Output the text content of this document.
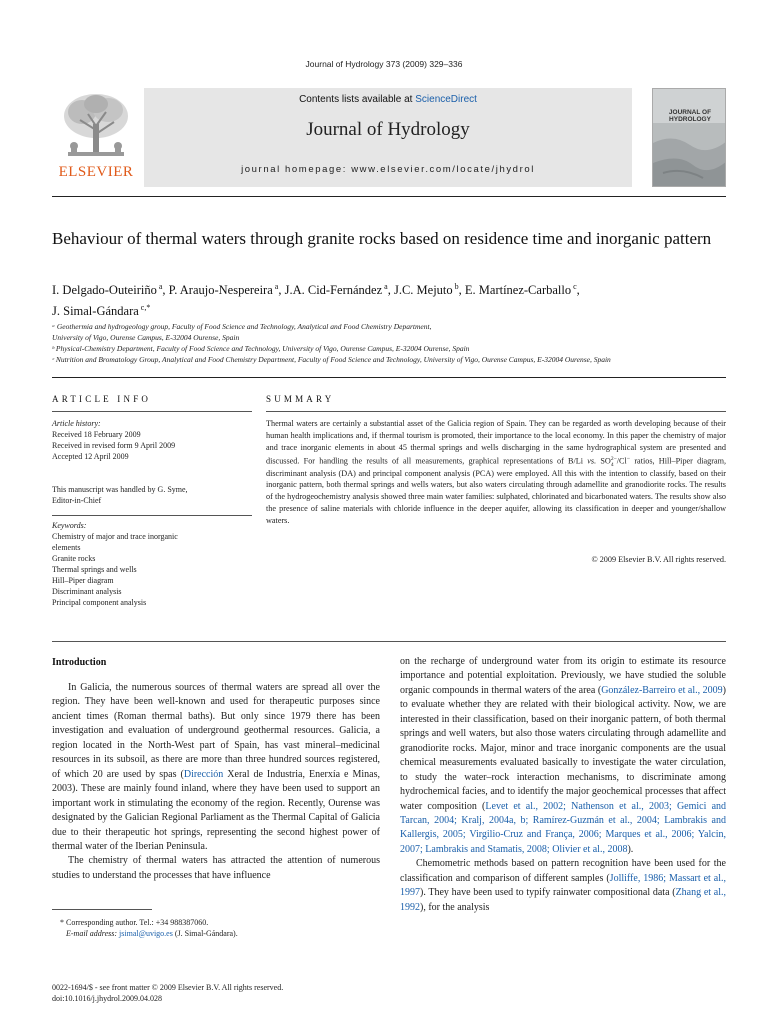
Journal of Hydrology 373 (2009) 329–336
ELSEVIER
Contents lists available at ScienceDirect
Journal of Hydrology
journal homepage: www.elsevier.com/locate/jhydrol
JOURNAL OF
HYDROLOGY
Behaviour of thermal waters through granite rocks based on residence time and inorganic pattern
I. Delgado-Outeiriño $^a$, P. Araujo-Nespereira $^a$, J.A. Cid-Fernández $^a$, J.C. Mejuto $^b$, E. Martínez-Carballo $^c$,
J. Simal-Gándara $^{c,*}$
ᵃ Geothermia and hydrogeology group, Faculty of Food Science and Technology, Analytical and Food Chemistry Department,
University of Vigo, Ourense Campus, E-32004 Ourense, Spain
ᵇ Physical-Chemistry Department, Faculty of Food Science and Technology, University of Vigo, Ourense Campus, E-32004 Ourense, Spain
ᶜ Nutrition and Bromatology Group, Analytical and Food Chemistry Department, Faculty of Food Science and Technology, University of Vigo, Ourense Campus, E-32004 Ourense, Spain
ARTICLE INFO	SUMMARY
Article history:
Received 18 February 2009
Received in revised form 9 April 2009
Accepted 12 April 2009
This manuscript was handled by G. Syme,
Editor-in-Chief
Keywords:
Chemistry of major and trace inorganic
elements
Granite rocks
Thermal springs and wells
Hill–Piper diagram
Discriminant analysis
Principal component analysis
Thermal waters are certainly a substantial asset of the Galicia region of Spain. They can be regarded as worth developing because of their human health implications and, if thermal tourism is promoted, their importance to the local economy. In this paper the chemistry of major and trace inorganic elements in about 45 thermal springs and wells discharging in the same hydrographical system are presented and discussed. For handling the results of all measurements, graphical representations of B/Li vs. SO2−
4 /Cl− ratios, Hill–Piper diagram, discriminant analysis (DA) and principal component analysis (PCA) were employed. All this with the intention to classify, based on their inorganic pattern, both thermal springs and wells waters, but also waters circulating through adamellite and granodiorite rocks. The results of the hydrogeochemistry analysis showed three main water families: sulphated, chlorinated and bicarbonated waters. The results show also the presence of saline materials with chloride influence in the deeper aquifer, allowing its classification in deeper and younger/shallow waters.
© 2009 Elsevier B.V. All rights reserved.
Introduction

In Galicia, the numerous sources of thermal waters are spread all over the region. They have been well-known and used for therapeutic purposes since ancient times (Roman thermal baths). But only since 1979 there has been investigation and evaluation of underground geothermal resources. Galicia, a region located in the North-West part of Spain, has vast mineral–medicinal resources in its subsoil, as there are more than three hundred sources registered, of which 20 are used by spas (Dirección Xeral de Industria, Enerxía e Minas, 2003). These are mainly found inland, where they have been used to support an important work in stimulating the economy of the region. Recently, Ourense was designated by the Galician Regional Parliament as the Thermal Capital of Galicia due to their therapeutic hot springs, representing the second highest power of thermal water of the Iberian Peninsula.

The chemistry of thermal waters has attracted the attention of numerous studies to understand the processes that have influence

on the recharge of underground water from its origin to estimate its resource importance and potential exploitation. Previously, we have studied the soluble organic compounds in thermal waters of the area (González-Barreiro et al., 2009) to evaluate whether they are related with their biological activity. Now, we are interested in their classification, based on their inorganic pattern, of both thermal springs and well waters, but also those waters circulating through adamellite and granodiorite rocks. Major, minor and trace inorganic components are the usual chemical measurements evaluated basically to investigate the water circulation, to study the water–rock interaction mechanisms, to discriminate among hydrochemical facies, and to identify the major geochemical processes that affect water composition (Levet et al., 2002; Nathenson et al., 2003; Gemici and Tarcan, 2004; Kralj, 2004a, b; Ramírez-Guzmán et al., 2004; Lambrakis and Kallergis, 2005; Virgilio-Cruz and França, 2006; Marques et al., 2006; Yalcin, 2007; Lambrakis and Stamatis, 2008; Olivier et al., 2008).

Chemometric methods based on pattern recognition have been used for the classification and comparison of different samples (Jolliffe, 1986; Massart et al., 1997). They have been used to typify rainwater compositional data (Zhang et al., 1992), for the analysis

* Corresponding author. Tel.: +34 988387060.
E-mail address: jsimal@uvigo.es (J. Simal-Gándara).
0022-1694/$ - see front matter © 2009 Elsevier B.V. All rights reserved.
doi:10.1016/j.jhydrol.2009.04.028
